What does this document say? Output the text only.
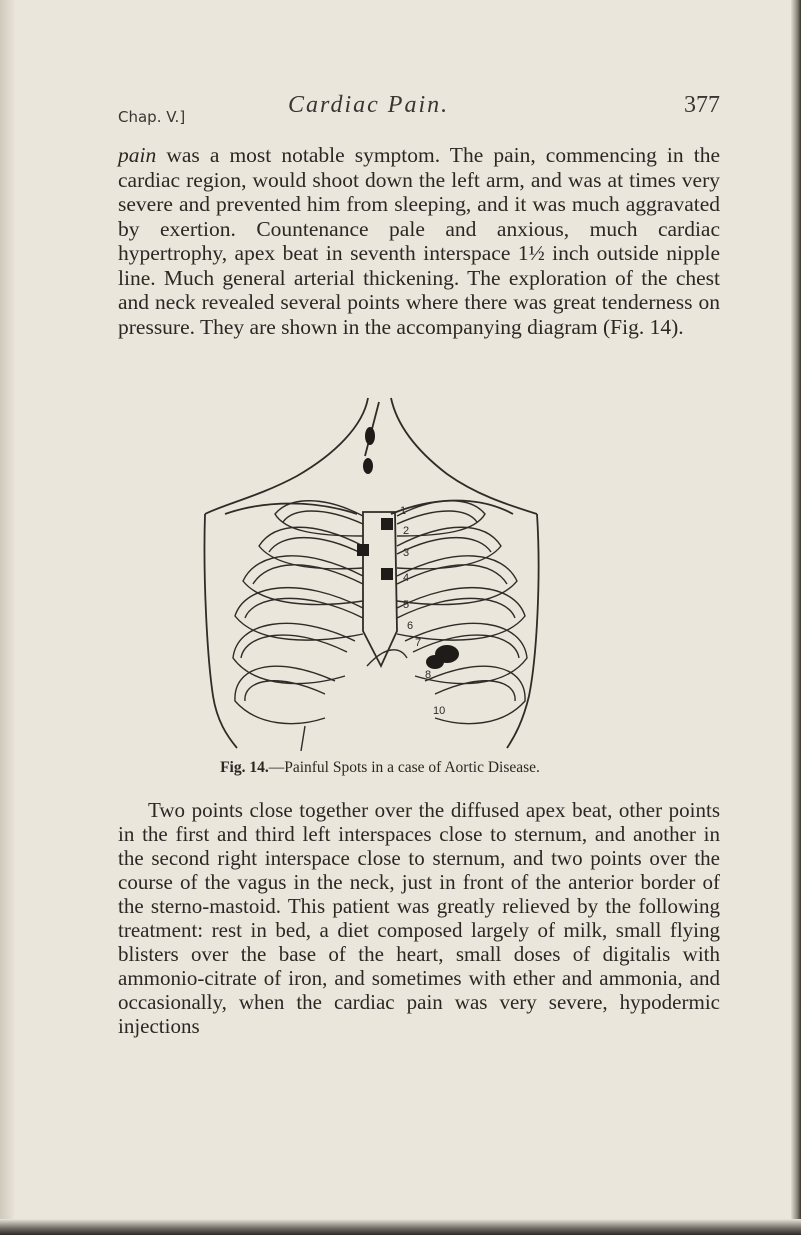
Chap. V.]	Cardiac Pain.	377
pain was a most notable symptom. The pain, commencing in the cardiac region, would shoot down the left arm, and was at times very severe and prevented him from sleeping, and it was much aggravated by exertion. Countenance pale and anxious, much cardiac hypertrophy, apex beat in seventh interspace 1½ inch outside nipple line. Much general arterial thickening. The exploration of the chest and neck revealed several points where there was great tenderness on pressure. They are shown in the accompanying diagram (Fig. 14).
1
2
3
4
5
6
7
8
10
Fig. 14.—Painful Spots in a case of Aortic Disease.
Two points close together over the diffused apex beat, other points in the first and third left interspaces close to sternum, and another in the second right interspace close to sternum, and two points over the course of the vagus in the neck, just in front of the anterior border of the sterno-mastoid. This patient was greatly relieved by the following treatment: rest in bed, a diet composed largely of milk, small flying blisters over the base of the heart, small doses of digitalis with ammonio-citrate of iron, and sometimes with ether and ammonia, and occasionally, when the cardiac pain was very severe, hypodermic injections
